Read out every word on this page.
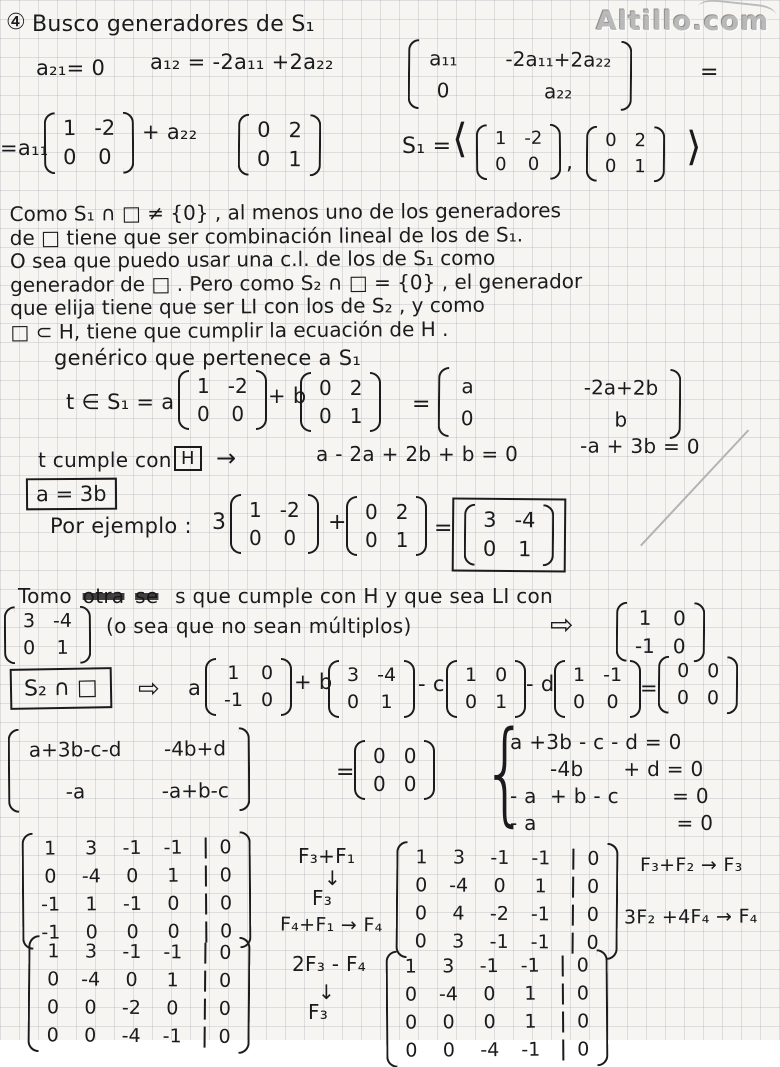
④ Busco generadores de S₁	Altillo.com
a₂₁= 0 a₁₂ = -2a₁₁ +2a₂₂	a₁₁ -2a₁₁+2a₂₂
0	a₂₂
=
=a₁₁
1 -2
0 0
+ a₂₂	0 2
0 1
S₁ = ⟨ 1 -2
0 0 ,
0 2
0 1 ⟩
Como S₁ ∩ □ ≠ {0} , al menos uno de los generadores
de □ tiene que ser combinación lineal de los de S₁.
O sea que puedo usar una c.l. de los de S₁ como
generador de □ . Pero como S₂ ∩ □ = {0} , el generador
que elija tiene que ser LI con los de S₂ , y como
□ ⊂ H, tiene que cumplir la ecuación de H .
genérico que pertenece a S₁
t ∈ S₁ = a
1 -2
0 0
+ b 0 2
0 1 =
a	-2a+2b
0	b
t cumple con H →	a - 2a + 2b + b = 0	-a + 3b = 0
a = 3b
Por ejemplo : 3 1 -2
0 0
+ 0 2
0 1 = 3 -4
0 1
Tomo otra se s que cumple con H y que sea LI con
3 -4
0 1
(o sea que no sean múltiplos)	⇨	1 0
-1 0
S₂ ∩ □	⇨ a
1 0
-1 0
+ b 3 -4
0 1
- c 1 0
0 1
- d 1 -1
0 0
=
0 0
0 0
a+3b-c-d -4b+d
-a	-a+b-c
=
0 0
0 0 {
a +3b - c - d = 0
-4b      + d = 0
- a  + b - c        = 0
- a                     = 0
1 3 -1 -1	0
0 -4 0 1	0
-1 1 -1 0	0
-1 0 0 0	0
F₃+F₁
↓
F₃
F₄+F₁ → F₄
1 3 -1 -1	0
0 -4 0 1	0
0 4 -2 -1	0
0 3 -1 -1	0
F₃+F₂ → F₃
3F₂ +4F₄ → F₄
1 3 -1 -1	0
0 -4 0 1	0
0 0 -2 0	0
0 0 -4 -1	0
2F₃ - F₄
↓
F₃
1 3 -1 -1	0
0 -4 0 1	0
0 0 0 1	0
0 0 -4 -1	0
